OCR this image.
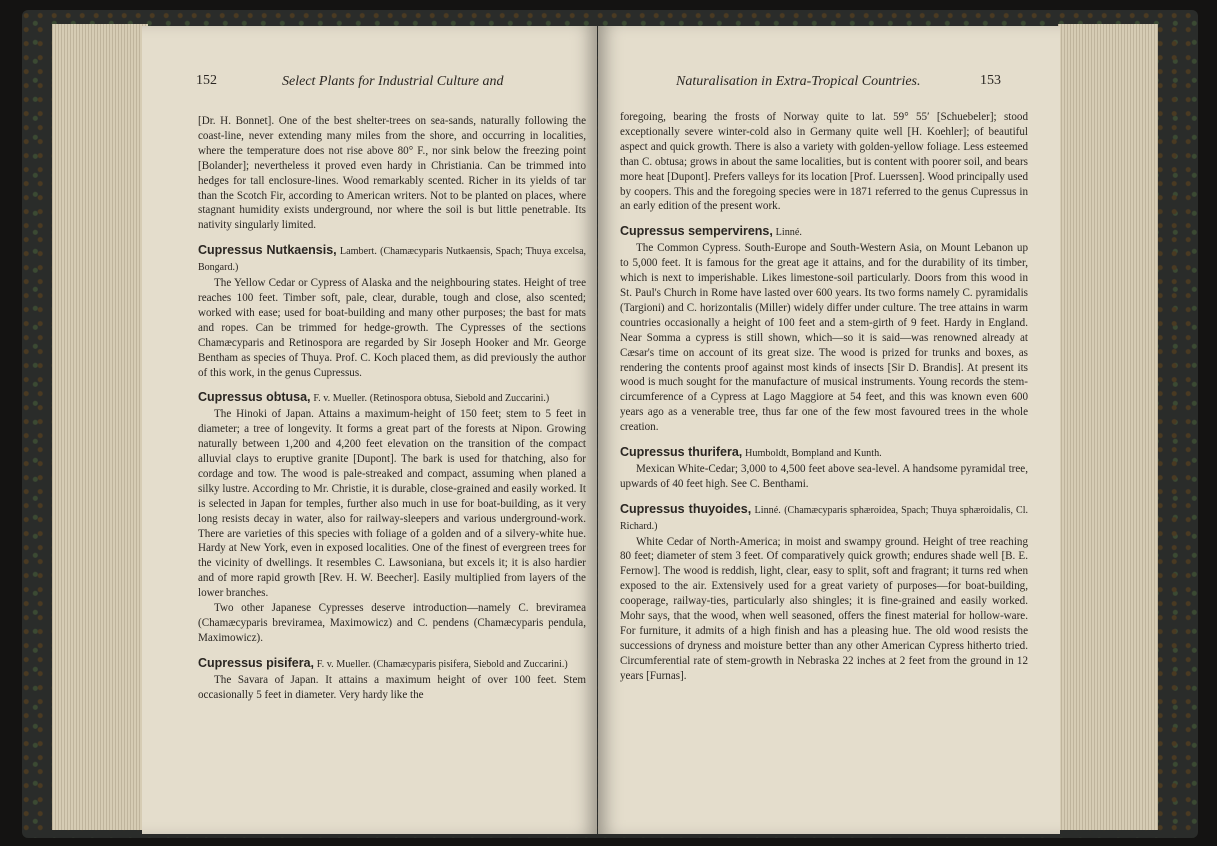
152	Select Plants for Industrial Culture and

[Dr. H. Bonnet]. One of the best shelter-trees on sea-sands, naturally following the coast-line, never extending many miles from the shore, and occurring in localities, where the temperature does not rise above 80° F., nor sink below the freezing point [Bolander]; nevertheless it proved even hardy in Christiania. Can be trimmed into hedges for tall enclosure-lines. Wood remarkably scented. Richer in its yields of tar than the Scotch Fir, according to American writers. Not to be planted on places, where stagnant humidity exists underground, nor where the soil is but little penetrable. Its nativity singularly limited.

Cupressus Nutkaensis, Lambert. (Chamæcyparis Nutkaensis, Spach; Thuya excelsa, Bongard.)

The Yellow Cedar or Cypress of Alaska and the neighbouring states. Height of tree reaches 100 feet. Timber soft, pale, clear, durable, tough and close, also scented; worked with ease; used for boat-building and many other purposes; the bast for mats and ropes. Can be trimmed for hedge-growth. The Cypresses of the sections Chamæcyparis and Retinospora are regarded by Sir Joseph Hooker and Mr. George Bentham as species of Thuya. Prof. C. Koch placed them, as did previously the author of this work, in the genus Cupressus.

Cupressus obtusa, F. v. Mueller. (Retinospora obtusa, Siebold and Zuccarini.)

The Hinoki of Japan. Attains a maximum-height of 150 feet; stem to 5 feet in diameter; a tree of longevity. It forms a great part of the forests at Nipon. Growing naturally between 1,200 and 4,200 feet elevation on the transition of the compact alluvial clays to eruptive granite [Dupont]. The bark is used for thatching, also for cordage and tow. The wood is pale-streaked and compact, assuming when planed a silky lustre. According to Mr. Christie, it is durable, close-grained and easily worked. It is selected in Japan for temples, further also much in use for boat-building, as it very long resists decay in water, also for railway-sleepers and various underground-work. There are varieties of this species with foliage of a golden and of a silvery-white hue. Hardy at New York, even in exposed localities. One of the finest of evergreen trees for the vicinity of dwellings. It resembles C. Lawsoniana, but excels it; it is also hardier and of more rapid growth [Rev. H. W. Beecher]. Easily multiplied from layers of the lower branches.

Two other Japanese Cypresses deserve introduction—namely C. breviramea (Chamæcyparis breviramea, Maximowicz) and C. pendens (Chamæcyparis pendula, Maximowicz).

Cupressus pisifera, F. v. Mueller. (Chamæcyparis pisifera, Siebold and Zuccarini.)

The Savara of Japan. It attains a maximum height of over 100 feet. Stem occasionally 5 feet in diameter. Very hardy like the

Naturalisation in Extra-Tropical Countries.	153

foregoing, bearing the frosts of Norway quite to lat. 59° 55′ [Schuebeler]; stood exceptionally severe winter-cold also in Germany quite well [H. Koehler]; of beautiful aspect and quick growth. There is also a variety with golden-yellow foliage. Less esteemed than C. obtusa; grows in about the same localities, but is content with poorer soil, and bears more heat [Dupont]. Prefers valleys for its location [Prof. Luerssen]. Wood principally used by coopers. This and the foregoing species were in 1871 referred to the genus Cupressus in an early edition of the present work.

Cupressus sempervirens, Linné.

The Common Cypress. South-Europe and South-Western Asia, on Mount Lebanon up to 5,000 feet. It is famous for the great age it attains, and for the durability of its timber, which is next to imperishable. Likes limestone-soil particularly. Doors from this wood in St. Paul's Church in Rome have lasted over 600 years. Its two forms namely C. pyramidalis (Targioni) and C. horizontalis (Miller) widely differ under culture. The tree attains in warm countries occasionally a height of 100 feet and a stem-girth of 9 feet. Hardy in England. Near Somma a cypress is still shown, which—so it is said—was renowned already at Cæsar's time on account of its great size. The wood is prized for trunks and boxes, as rendering the contents proof against most kinds of insects [Sir D. Brandis]. At present its wood is much sought for the manufacture of musical instruments. Young records the stem-circumference of a Cypress at Lago Maggiore at 54 feet, and this was known even 600 years ago as a venerable tree, thus far one of the few most favoured trees in the whole creation.

Cupressus thurifera, Humboldt, Bompland and Kunth.

Mexican White-Cedar; 3,000 to 4,500 feet above sea-level. A handsome pyramidal tree, upwards of 40 feet high. See C. Benthami.

Cupressus thuyoides, Linné. (Chamæcyparis sphæroidea, Spach; Thuya sphæroidalis, Cl. Richard.)

White Cedar of North-America; in moist and swampy ground. Height of tree reaching 80 feet; diameter of stem 3 feet. Of comparatively quick growth; endures shade well [B. E. Fernow]. The wood is reddish, light, clear, easy to split, soft and fragrant; it turns red when exposed to the air. Extensively used for a great variety of purposes—for boat-building, cooperage, railway-ties, particularly also shingles; it is fine-grained and easily worked. Mohr says, that the wood, when well seasoned, offers the finest material for hollow-ware. For furniture, it admits of a high finish and has a pleasing hue. The old wood resists the successions of dryness and moisture better than any other American Cypress hitherto tried. Circumferential rate of stem-growth in Nebraska 22 inches at 2 feet from the ground in 12 years [Furnas].
